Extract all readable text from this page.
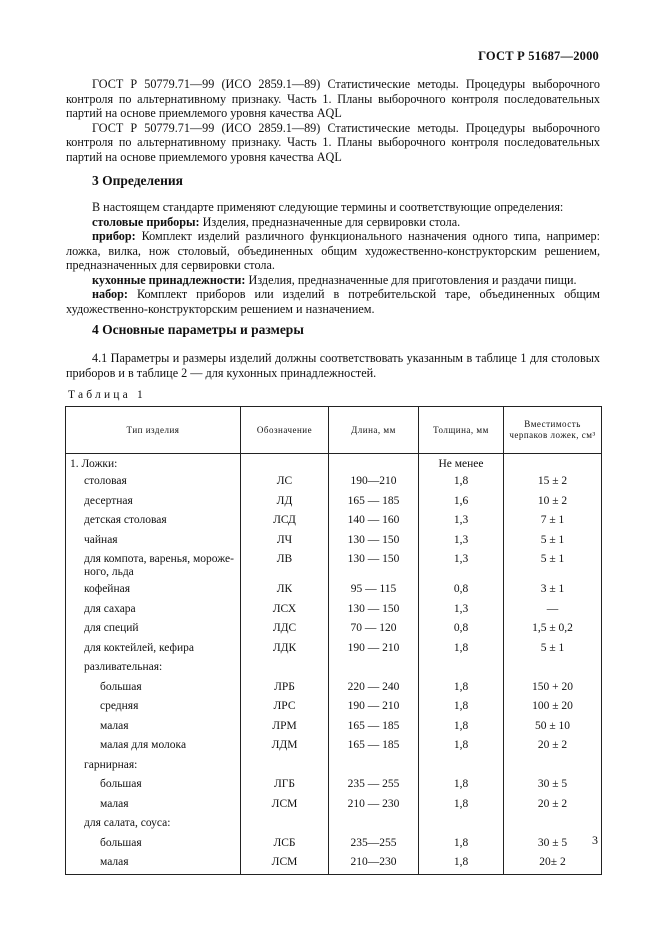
ГОСТ Р 51687—2000

ГОСТ Р 50779.71—99 (ИСО 2859.1—89) Статистические методы. Процедуры выборочного контроля по альтернативному признаку. Часть 1. Планы выборочного контроля последовательных партий на основе приемлемого уровня качества AQL

ГОСТ Р 50779.71—99 (ИСО 2859.1—89) Статистические методы. Процедуры выборочного контроля по альтернативному признаку. Часть 1. Планы выборочного контроля последовательных партий на основе приемлемого уровня качества AQL

3 Определения

В настоящем стандарте применяют следующие термины и соответствующие определения:

столовые приборы: Изделия, предназначенные для сервировки стола.

прибор: Комплект изделий различного функционального назначения одного типа, например: ложка, вилка, нож столовый, объединенных общим художественно-конструкторским решением, предназначенных для сервировки стола.

кухонные принадлежности: Изделия, предназначенные для приготовления и раздачи пищи.

набор: Комплект приборов или изделий в потребительской таре, объединенных общим художественно-конструкторским решением и назначением.

4 Основные параметры и размеры

4.1 Параметры и размеры изделий должны соответствовать указанным в таблице 1 для столовых приборов и в таблице 2 — для кухонных принадлежностей.

Таблица 1
Тип изделия	Обозначение	Длина, мм	Толщина, мм	Вместимость черпаков ложек, см³
1. Ложки:			Не менее	
столовая	ЛС	190—210	1,8	15 ± 2
десертная	ЛД	165 — 185	1,6	10 ± 2
детская столовая	ЛСД	140 — 160	1,3	7 ± 1
чайная	ЛЧ	130 — 150	1,3	5 ± 1
для компота, варенья, мороже-ного, льда	ЛВ	130 — 150	1,3	5 ± 1
кофейная	ЛК	95 — 115	0,8	3 ± 1
для сахара	ЛСХ	130 — 150	1,3	—
для специй	ЛДС	70 — 120	0,8	1,5 ± 0,2
для коктейлей, кефира	ЛДК	190 — 210	1,8	5 ± 1
разливательная:				
большая	ЛРБ	220 — 240	1,8	150 + 20
средняя	ЛРС	190 — 210	1,8	100 ± 20
малая	ЛРМ	165 — 185	1,8	50 ± 10
малая для молока	ЛДМ	165 — 185	1,8	20 ± 2
гарнирная:				
большая	ЛГБ	235 — 255	1,8	30 ± 5
малая	ЛСМ	210 — 230	1,8	20 ± 2
для салата, соуса:				
большая	ЛСБ	235—255	1,8	30 ± 5
малая	ЛСМ	210—230	1,8	20± 2
3
